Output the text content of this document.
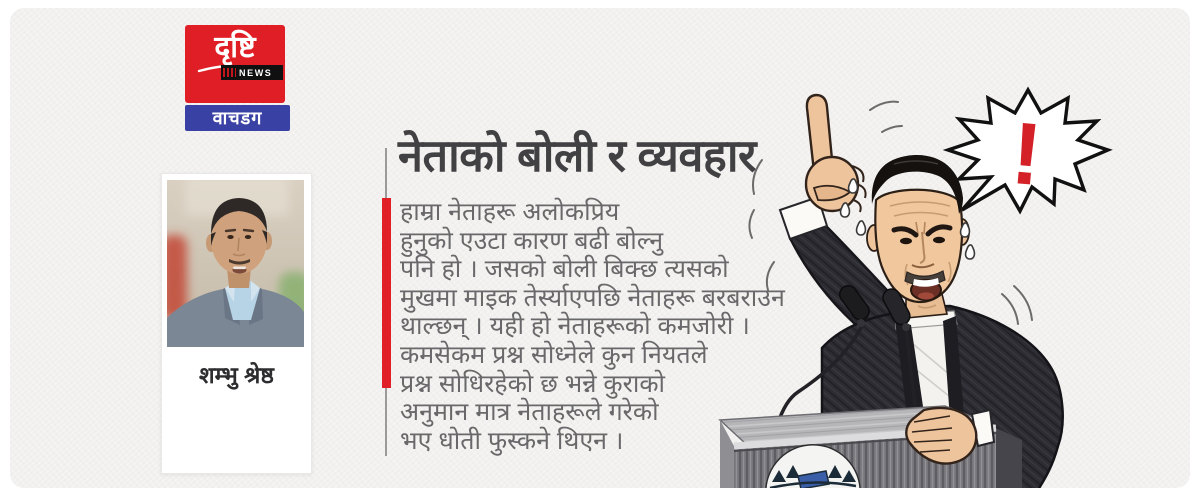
दृष्टि
NEWS
वाचडग
शम्भु श्रेष्ठ
नेताको बोली र व्यवहार
हाम्रा नेताहरू अलोकप्रिय
हुनुको एउटा कारण बढी बोल्नु
पनि हो । जसको बोली बिक्छ त्यसको
मुखमा माइक तेर्स्याएपछि नेताहरू बरबराउन
थाल्छन् । यही हो नेताहरूको कमजोरी ।
कमसेकम प्रश्न सोध्नेले कुन नियतले
प्रश्न सोधिरहेको छ भन्ने कुराको
अनुमान मात्र नेताहरूले गरेको
भए धोती फुस्कने थिएन ।
!
